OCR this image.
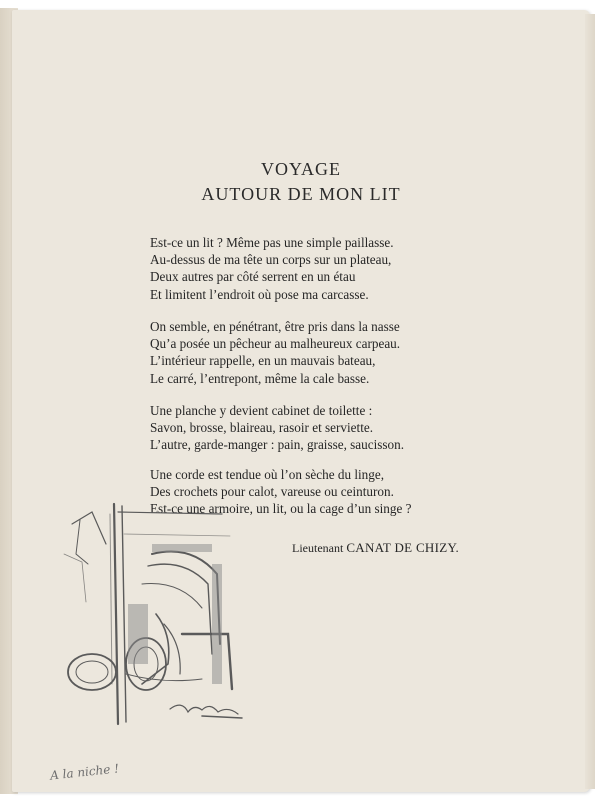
VOYAGE
AUTOUR DE MON LIT
Est-ce un lit ? Même pas une simple paillasse.
Au-dessus de ma tête un corps sur un plateau,
Deux autres par côté serrent en un étau
Et limitent l’endroit où pose ma carcasse.
On semble, en pénétrant, être pris dans la nasse
Qu’a posée un pêcheur au malheureux carpeau.
L’intérieur rappelle, en un mauvais bateau,
Le carré, l’entrepont, même la cale basse.
Une planche y devient cabinet de toilette :
Savon, brosse, blaireau, rasoir et serviette.
L’autre, garde-manger : pain, graisse, saucisson.
Une corde est tendue où l’on sèche du linge,
Des crochets pour calot, vareuse ou ceinturon.
Est-ce une armoire, un lit, ou la cage d’un singe ?

Lieutenant CANAT DE CHIZY.

A la niche !
